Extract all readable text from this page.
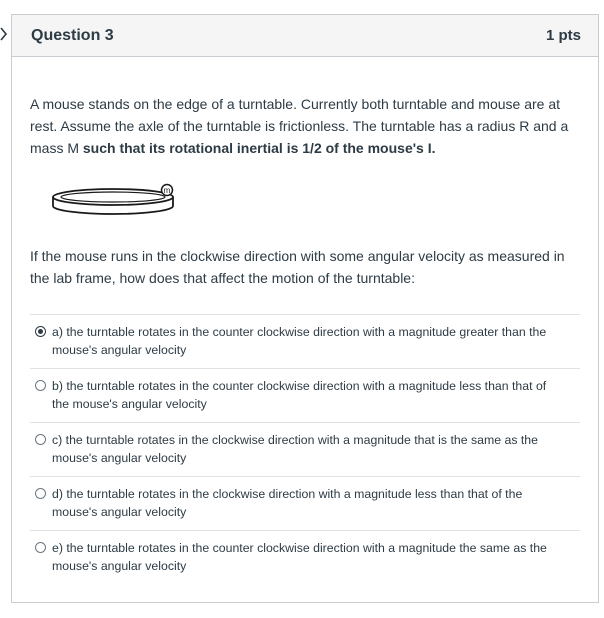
Question 3	1 pts

A mouse stands on the edge of a turntable. Currently both turntable and mouse are at rest. Assume the axle of the turntable is frictionless. The turntable has a radius R and a mass M such that its rotational inertial is 1/2 of the mouse's I.

m

If the mouse runs in the clockwise direction with some angular velocity as measured in the lab frame, how does that affect the motion of the turntable:

a) the turntable rotates in the counter clockwise direction with a magnitude greater than the mouse's angular velocity
b) the turntable rotates in the counter clockwise direction with a magnitude less than that of the mouse's angular velocity
c) the turntable rotates in the clockwise direction with a magnitude that is the same as the mouse's angular velocity
d) the turntable rotates in the clockwise direction with a magnitude less than that of the mouse's angular velocity
e) the turntable rotates in the counter clockwise direction with a magnitude the same as the mouse's angular velocity
